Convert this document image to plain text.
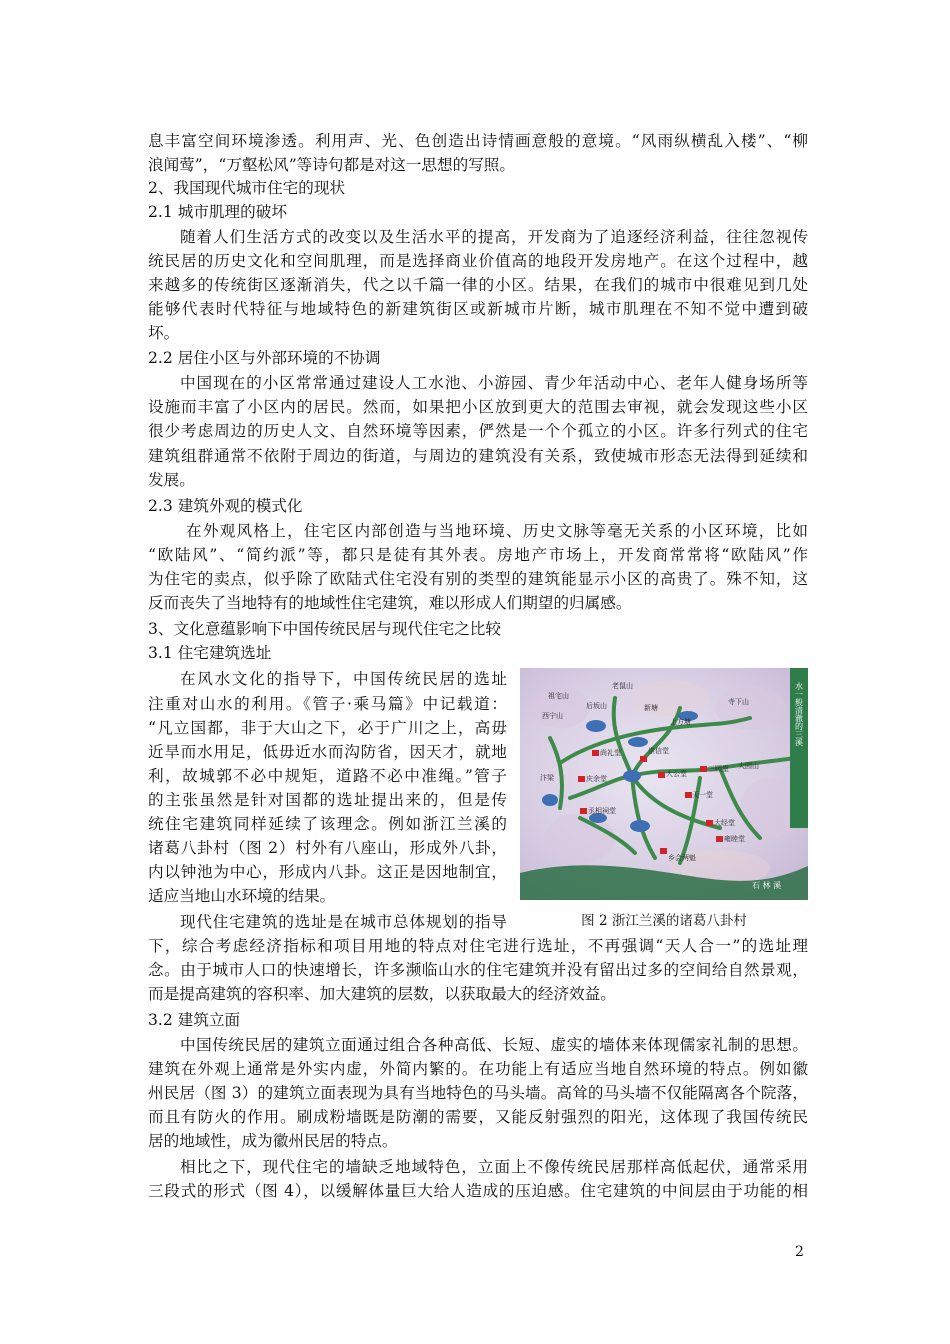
息丰富空间环境渗透。利用声、光、色创造出诗情画意般的意境。“风雨纵横乱入楼”、“柳
浪闻莺”，“万壑松风”等诗句都是对这一思想的写照。
2、我国现代城市住宅的现状
2.1 城市肌理的破坏
随着人们生活方式的改变以及生活水平的提高，开发商为了追逐经济利益，往往忽视传
统民居的历史文化和空间肌理，而是选择商业价值高的地段开发房地产。在这个过程中，越
来越多的传统街区逐渐消失，代之以千篇一律的小区。结果，在我们的城市中很难见到几处
能够代表时代特征与地域特色的新建筑街区或新城市片断，城市肌理在不知不觉中遭到破
坏。
2.2 居住小区与外部环境的不协调
中国现在的小区常常通过建设人工水池、小游园、青少年活动中心、老年人健身场所等
设施而丰富了小区内的居民。然而，如果把小区放到更大的范围去审视，就会发现这些小区
很少考虑周边的历史人文、自然环境等因素，俨然是一个个孤立的小区。许多行列式的住宅
建筑组群通常不依附于周边的街道，与周边的建筑没有关系，致使城市形态无法得到延续和
发展。
2.3 建筑外观的模式化
在外观风格上，住宅区内部创造与当地环境、历史文脉等毫无关系的小区环境，比如
“欧陆风”、“简约派”等，都只是徒有其外表。房地产市场上，开发商常常将“欧陆风”作
为住宅的卖点，似乎除了欧陆式住宅没有别的类型的建筑能显示小区的高贵了。殊不知，这
反而丧失了当地特有的地域性住宅建筑，难以形成人们期望的归属感。
3、文化意蕴影响下中国传统民居与现代住宅之比较
3.1 住宅建筑选址
在风水文化的指导下，中国传统民居的选址
注重对山水的利用。《管子·乘马篇》中记载道：
“凡立国都，非于大山之下，必于广川之上，高毋
近旱而水用足，低毋近水而沟防省，因天才，就地
利，故城郭不必中规矩，道路不必中准绳。”管子
的主张虽然是针对国都的选址提出来的，但是传
统住宅建筑同样延续了该理念。例如浙江兰溪的
诸葛八卦村（图 2）村外有八座山，形成外八卦，
内以钟池为中心，形成内八卦。这正是因地制宜，
适应当地山水环境的结果。
现代住宅建筑的选址是在城市总体规划的指导
下，综合考虑经济指标和项目用地的特点对住宅进行选址，不再强调“天人合一”的选址理
念。由于城市人口的快速增长，许多濒临山水的住宅建筑并没有留出过多的空间给自然景观，
而是提高建筑的容积率、加大建筑的层数，以获取最大的经济效益。
3.2 建筑立面
中国传统民居的建筑立面通过组合各种高低、长短、虚实的墙体来体现儒家礼制的思想。
建筑在外观上通常是外实内虚，外简内繁的。在功能上有适应当地自然环境的特点。例如徽
州民居（图 3）的建筑立面表现为具有当地特色的马头墙。高耸的马头墙不仅能隔离各个院落，
而且有防火的作用。刷成粉墙既是防潮的需要，又能反射强烈的阳光，这体现了我国传统民
居的地域性，成为徽州民居的特点。
相比之下，现代住宅的墙缺乏地域特色，立面上不像传统民居那样高低起伏，通常采用
三段式的形式（图 4），以缓解体量巨大给人造成的压迫感。住宅建筑的中间层由于功能的相
祖宅山
老鼠山
寺下山
大园山
西宁山
后坂山
上方塘
新塘
尚礼堂	崇信堂
庆余堂
大公堂
三顾堂
天一堂
丞相祠堂
大经堂
雍睦堂
乡会两魁
汴梁
石 林 溪
水一般清澈的三溪
图 2 浙江兰溪的诸葛八卦村
2
